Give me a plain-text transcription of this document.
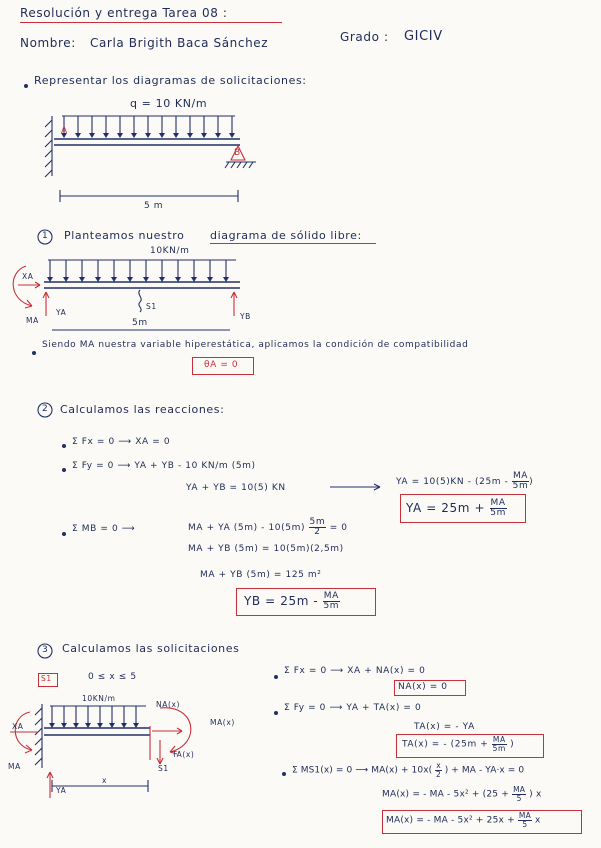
Resolución y entrega Tarea 08 :
Nombre: Carla Brigith Baca Sánchez	Grado : GICIV
Representar los diagramas de solicitaciones:
q = 10 KN/m
A
B
5 m
1 Planteamos nuestro diagrama de sólido libre:
10KN/m
XA
MA
YA	YB
S1
5m
Siendo MA nuestra variable hiperestática, aplicamos la condición de compatibilidad
θA = 0
2 Calculamos las reacciones:
Σ Fx = 0 ⟶ XA = 0
Σ Fy = 0 ⟶ YA + YB - 10 KN/m (5m)
YA + YB = 10(5) KN
YA = $10(5)KN - (25m - \frac{MA}{5m}$ )
YA = $25m + \frac{MA}{5m}$
Σ MB = 0 ⟶	MA + YA $(5m) - 10(5m) \frac{5m}{2} = 0$
MA + YB (5m) = 10(5m)(2,5m)
MA + YB (5m) = 125 m²
YB = $25m - \frac{MA}{5m}$
3 Calculamos las solicitaciones
S1	0 ≤ x ≤ 5
10KN/m
XA
MA
YA
NA(x)
MA(x)
TA(x)
S1
x
Σ Fx = 0 ⟶ XA + NA(x) = 0
NA(x) = 0
Σ Fy = 0 ⟶ YA + TA(x) = 0
TA(x) = - YA
TA(x) = - ($25m + \frac{MA}{5m}$ )
Σ MS1(x) = 0 ⟶ $MA(x) + 10x( \frac{x}{2}$ ) + MA - YA·x = 0
MA(x) = - MA - $5x^2 + (25 + \frac{MA}{5}$ ) x
MA(x) = - MA - $5x^2 + 25x + \frac{MA}{5}$ x
